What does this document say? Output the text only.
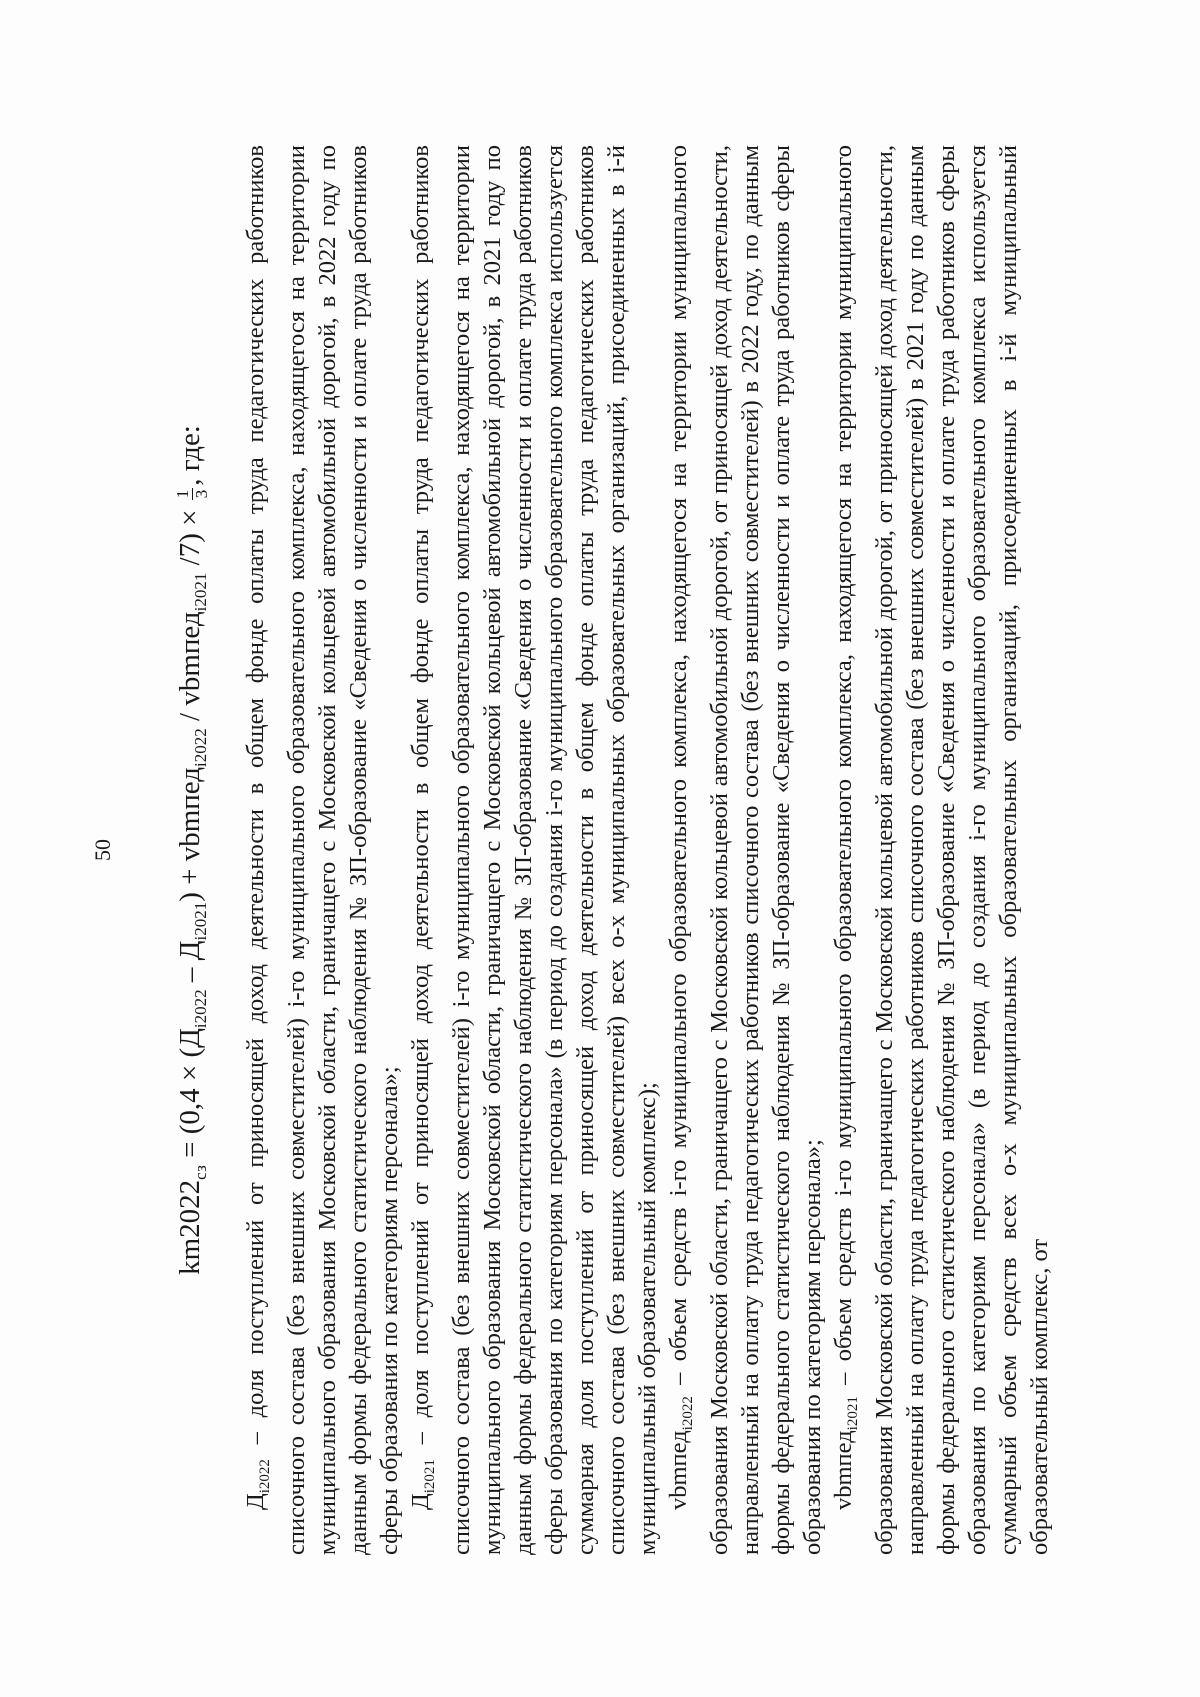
50
$km2022_{сз} = (0,4 \times (Д_{i2022} - Д_{i2021})$ + vbmпед$_{i2022}$ / vbmпед$_{i2021}$ /7) ×
1 3
, где:

$Д_{i2022}$ – доля поступлений от приносящей доход деятельности в общем фонде оплаты труда педагогических работников списочного состава (без внешних совместителей) i-го муниципального образовательного комплекса, находящегося на территории муниципального образования Московской области, граничащего с Московской кольцевой автомобильной дорогой, в 2022 году по данным формы федерального статистического наблюдения № ЗП-образование «Сведения о численности и оплате труда работников сферы образования по категориям персонала»; $Д_{i2021}$ – доля поступлений от приносящей доход деятельности в общем фонде оплаты труда педагогических работников списочного состава (без внешних совместителей) i-го муниципального образовательного комплекса, находящегося на территории муниципального образования Московской области, граничащего с Московской кольцевой автомобильной дорогой, в 2021 году по данным формы федерального статистического наблюдения № ЗП-образование «Сведения о численности и оплате труда работников сферы образования по категориям персонала» (в период до создания i-го муниципального образовательного комплекса используется суммарная доля поступлений от приносящей доход деятельности в общем фонде оплаты труда педагогических работников списочного состава (без внешних совместителей) всех o-х муниципальных образовательных организаций, присоединенных в i-й муниципальный образовательный комплекс); vbmпед$_{i2022}$ – объем средств i-го муниципального образовательного комплекса, находящегося на территории муниципального образования Московской области, граничащего с Московской кольцевой автомобильной дорогой, от приносящей доход деятельности, направленный на оплату труда педагогических работников списочного состава (без внешних совместителей) в 2022 году, по данным формы федерального статистического наблюдения № ЗП-образование «Сведения о численности и оплате труда работников сферы образования по категориям персонала»; vbmпед$_{i2021}$ – объем средств i-го муниципального образовательного комплекса, находящегося на территории муниципального образования Московской области, граничащего с Московской кольцевой автомобильной дорогой, от приносящей доход деятельности, направленный на оплату труда педагогических работников списочного состава (без внешних совместителей) в 2021 году по данным формы федерального статистического наблюдения № ЗП-образование «Сведения о численности и оплате труда работников сферы образования по категориям персонала» (в период до создания i-го муниципального образовательного комплекса используется суммарный объем средств всех o-х муниципальных образовательных организаций, присоединенных в i-й муниципальный образовательный комплекс, от
